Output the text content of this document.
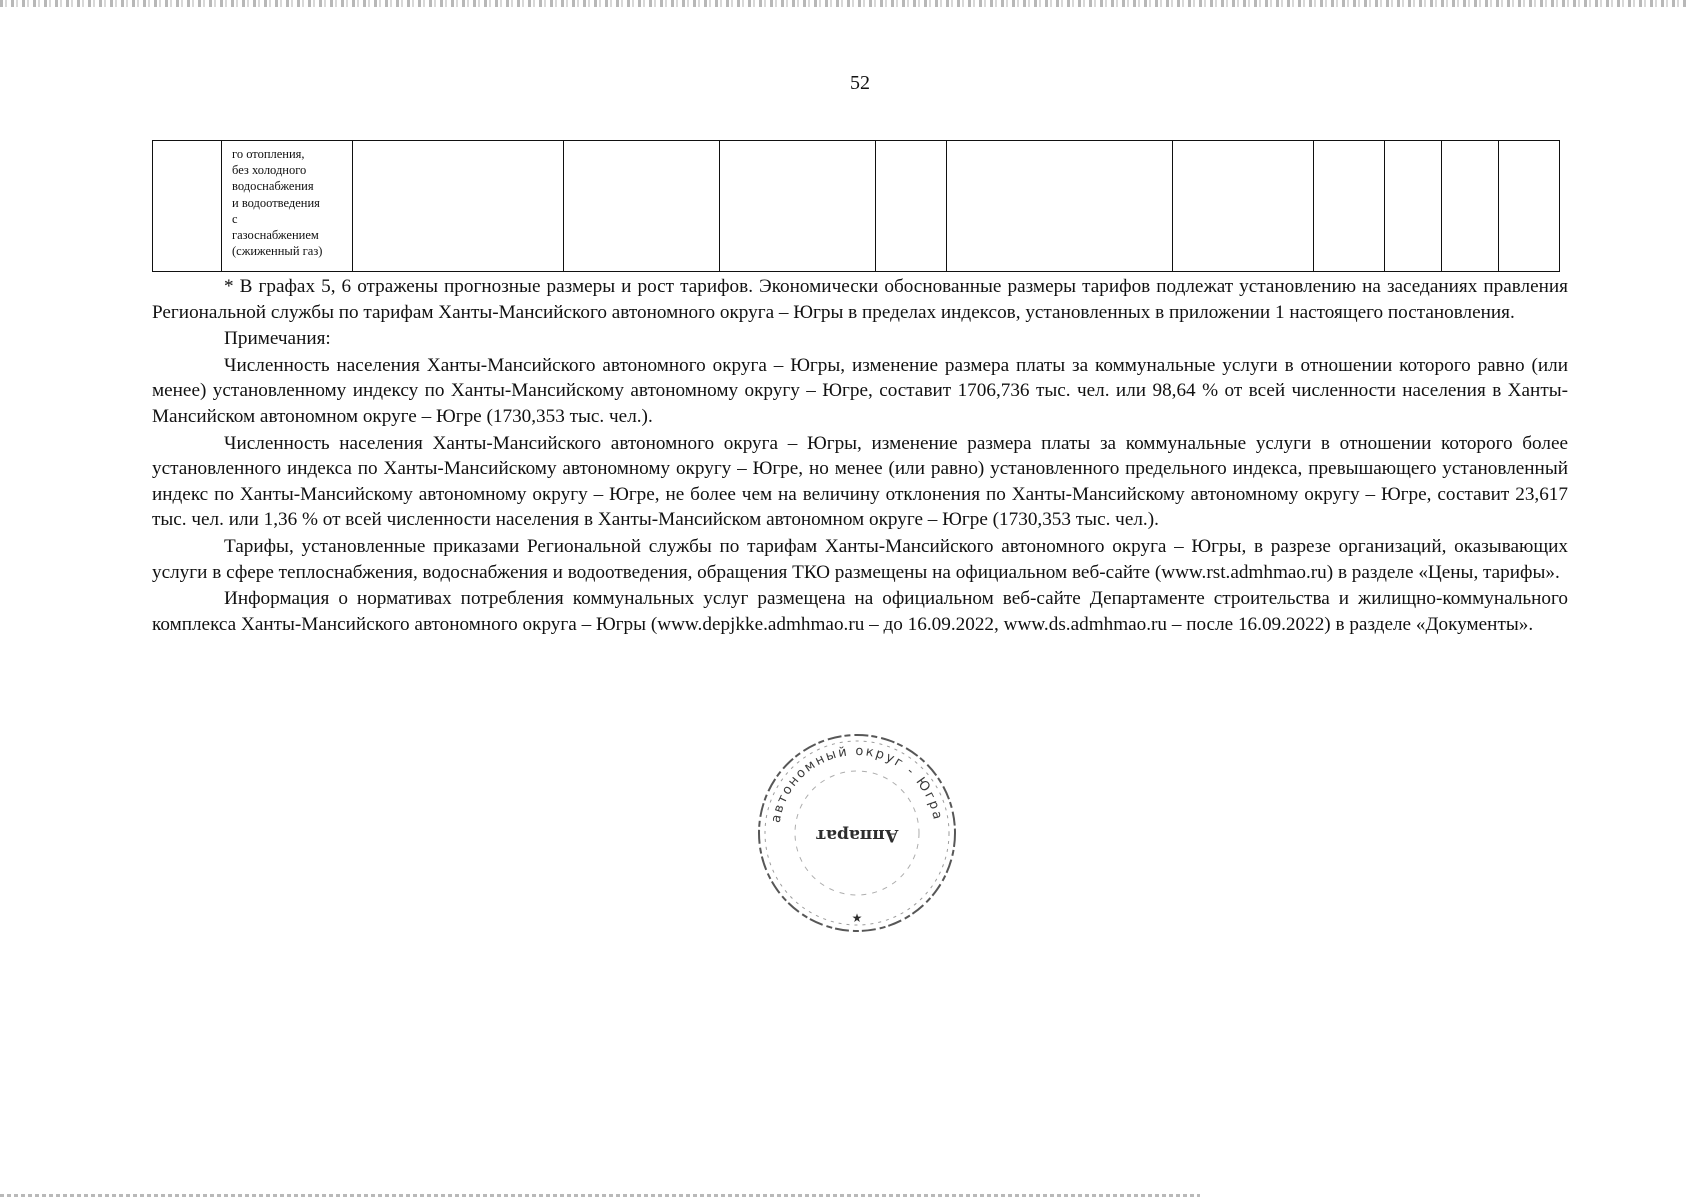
52

го отопления,
без холодного
водоснабжения
и водоотведения
с
газоснабжением
(сжиженный газ)

* В графах 5, 6 отражены прогнозные размеры и рост тарифов. Экономически обоснованные размеры тарифов подлежат установлению на заседаниях правления Региональной службы по тарифам Ханты-Мансийского автономного округа – Югры в пределах индексов, установленных в приложении 1 настоящего постановления.

Примечания:

Численность населения Ханты-Мансийского автономного округа – Югры, изменение размера платы за коммунальные услуги в отношении которого равно (или менее) установленному индексу по Ханты-Мансийскому автономному округу – Югре, составит 1706,736 тыс. чел. или 98,64 % от всей численности населения в Ханты-Мансийском автономном округе – Югре (1730,353 тыс. чел.).

Численность населения Ханты-Мансийского автономного округа – Югры, изменение размера платы за коммунальные услуги в отношении которого более установленного индекса по Ханты-Мансийскому автономному округу – Югре, но менее (или равно) установленного предельного индекса, превышающего установленный индекс по Ханты-Мансийскому автономному округу – Югре, не более чем на величину отклонения по Ханты-Мансийскому автономному округу – Югре, составит 23,617 тыс. чел. или 1,36 % от всей численности населения в Ханты-Мансийском автономном округе – Югре (1730,353 тыс. чел.).

Тарифы, установленные приказами Региональной службы по тарифам Ханты-Мансийского автономного округа – Югры, в разрезе организаций, оказывающих услуги в сфере теплоснабжения, водоснабжения и водоотведения, обращения ТКО размещены на официальном веб-сайте (www.rst.admhmao.ru) в разделе «Цены, тарифы».

Информация о нормативах потребления коммунальных услуг размещена на официальном веб-сайте Департаменте строительства и жилищно-коммунального комплекса Ханты-Мансийского автономного округа – Югры (www.depjkke.admhmao.ru – до 16.09.2022, www.ds.admhmao.ru – после 16.09.2022) в разделе «Документы».

автономный округ - Югра
Аппарат
★
